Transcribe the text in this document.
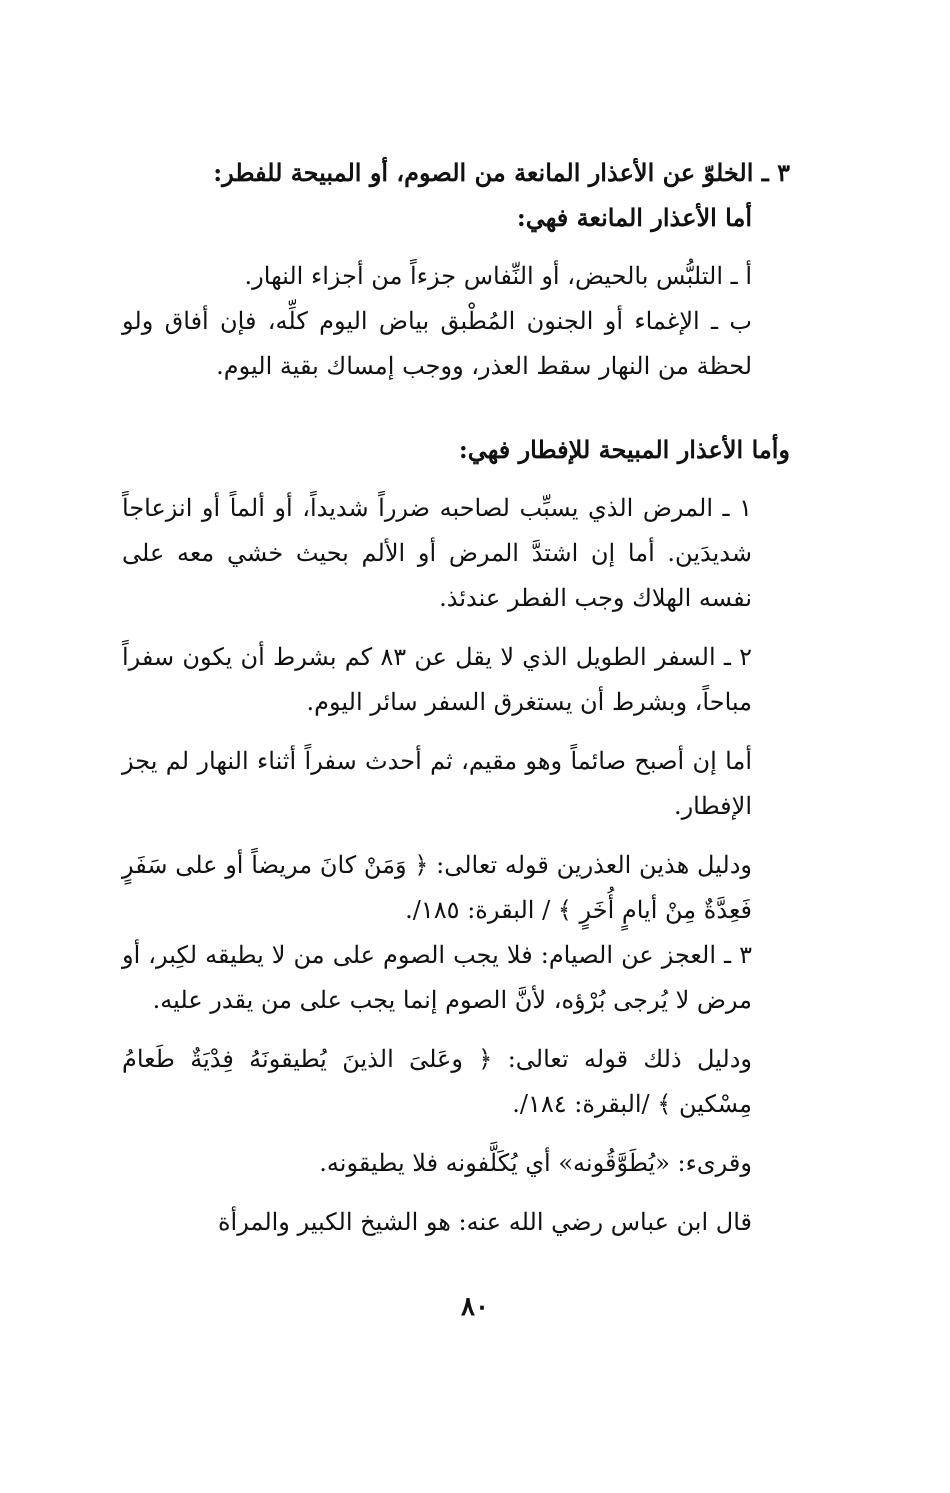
٣ ـ الخلوّ عن الأعذار المانعة من الصوم، أو المبيحة للفطر:

أما الأعذار المانعة فهي:

أ ـ التلبُّس بالحيض، أو النِّفاس جزءاً من أجزاء النهار.

ب ـ الإغماء أو الجنون المُطْبق بياض اليوم كلِّه، فإن أفاق ولو لحظة من النهار سقط العذر، ووجب إمساك بقية اليوم.

وأما الأعذار المبيحة للإفطار فهي:

١ ـ المرض الذي يسبِّب لصاحبه ضرراً شديداً، أو ألماً أو انزعاجاً شديدَين. أما إن اشتدَّ المرض أو الألم بحيث خشي معه على نفسه الهلاك وجب الفطر عندئذ.

٢ ـ السفر الطويل الذي لا يقل عن ٨٣ كم بشرط أن يكون سفراً مباحاً، وبشرط أن يستغرق السفر سائر اليوم.

أما إن أصبح صائماً وهو مقيم، ثم أحدث سفراً أثناء النهار لم يجز الإفطار.

ودليل هذين العذرين قوله تعالى: ﴿ وَمَنْ كانَ مريضاً أو على سَفَرٍ فَعِدَّةٌ مِنْ أيامٍ أُخَرٍ ﴾ / البقرة: ١٨٥/.

٣ ـ العجز عن الصيام: فلا يجب الصوم على من لا يطيقه لكِبر، أو مرض لا يُرجى بُرْؤه، لأنَّ الصوم إنما يجب على من يقدر عليه.

ودليل ذلك قوله تعالى: ﴿ وعَلىَ الذينَ يُطيقونَهُ فِدْيَةٌ طَعامُ مِسْكين ﴾ /البقرة: ١٨٤/.

وقرىء: «يُطَوَّقُونه» أي يُكَلَّفونه فلا يطيقونه.

قال ابن عباس رضي الله عنه: هو الشيخ الكبير والمرأة

٨٠
